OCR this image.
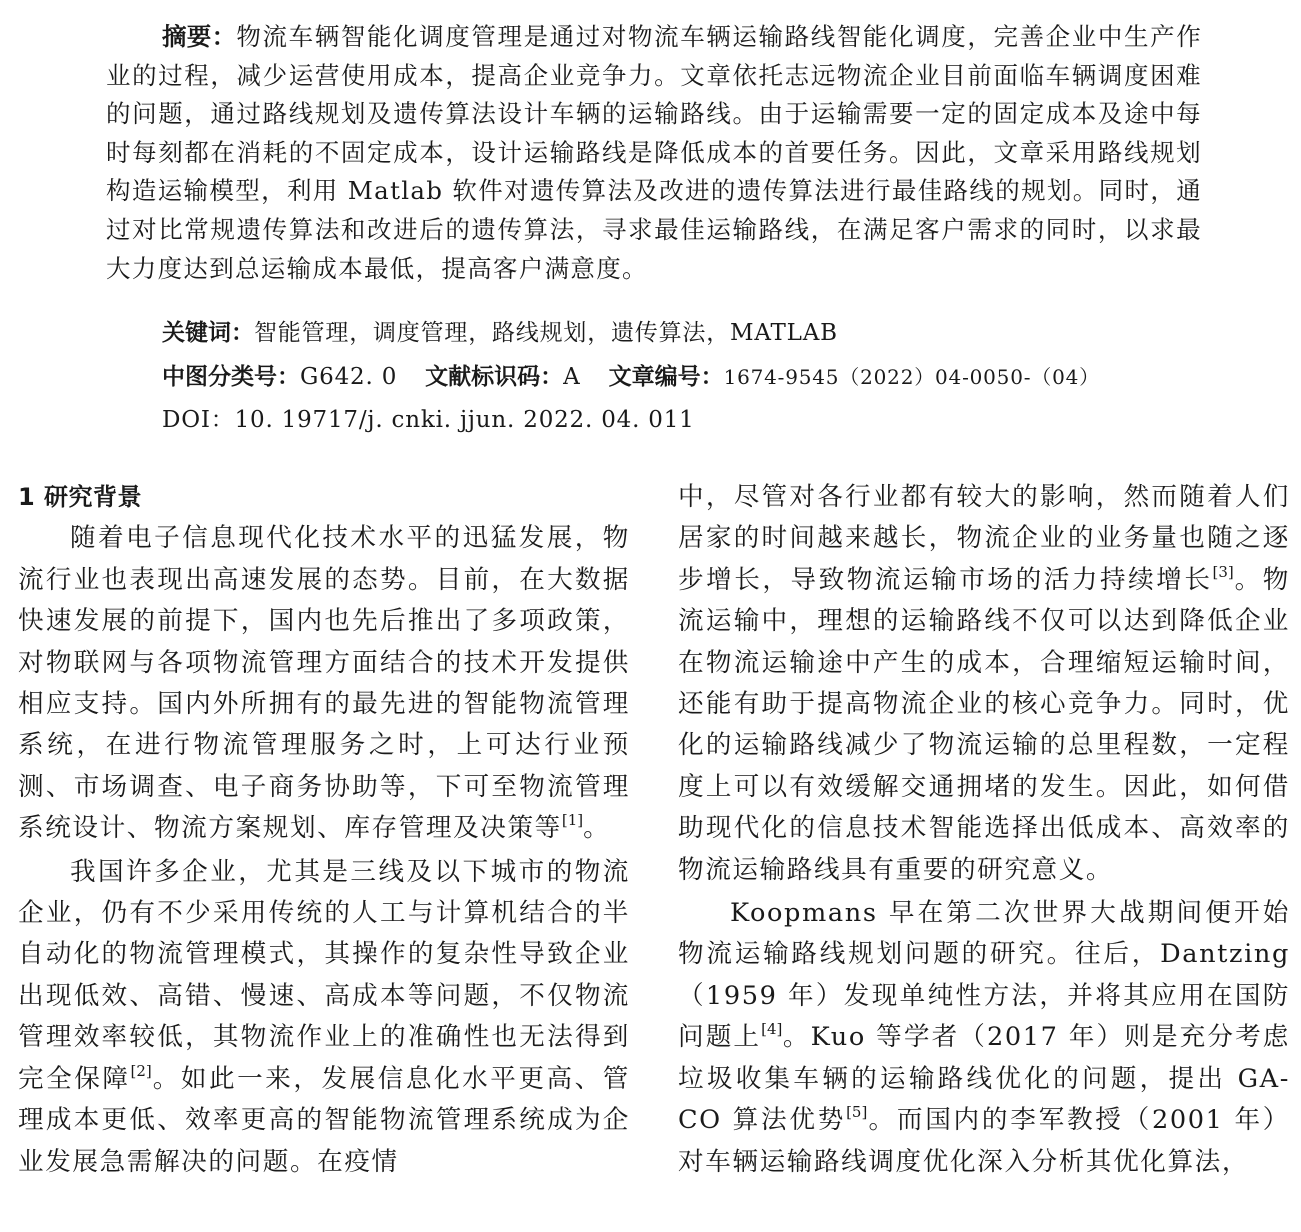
摘要：物流车辆智能化调度管理是通过对物流车辆运输路线智能化调度，完善企业中生产作业的过程，减少运营使用成本，提高企业竞争力。文章依托志远物流企业目前面临车辆调度困难的问题，通过路线规划及遗传算法设计车辆的运输路线。由于运输需要一定的固定成本及途中每时每刻都在消耗的不固定成本，设计运输路线是降低成本的首要任务。因此，文章采用路线规划构造运输模型，利用 Matlab 软件对遗传算法及改进的遗传算法进行最佳路线的规划。同时，通过对比常规遗传算法和改进后的遗传算法，寻求最佳运输路线，在满足客户需求的同时，以求最大力度达到总运输成本最低，提高客户满意度。

关键词：智能管理，调度管理，路线规划，遗传算法，MATLAB
中图分类号：G642. 0 文献标识码：A 文章编号：1674-9545（2022）04-0050-（04）
DOI：10. 19717/j. cnki. jjun. 2022. 04. 011

1 研究背景

随着电子信息现代化技术水平的迅猛发展，物流行业也表现出高速发展的态势。目前，在大数据快速发展的前提下，国内也先后推出了多项政策，对物联网与各项物流管理方面结合的技术开发提供相应支持。国内外所拥有的最先进的智能物流管理系统，在进行物流管理服务之时，上可达行业预测、市场调查、电子商务协助等，下可至物流管理系统设计、物流方案规划、库存管理及决策等[1]。

我国许多企业，尤其是三线及以下城市的物流企业，仍有不少采用传统的人工与计算机结合的半自动化的物流管理模式，其操作的复杂性导致企业出现低效、高错、慢速、高成本等问题，不仅物流管理效率较低，其物流作业上的准确性也无法得到完全保障[2]。如此一来，发展信息化水平更高、管理成本更低、效率更高的智能物流管理系统成为企业发展急需解决的问题。在疫情

中，尽管对各行业都有较大的影响，然而随着人们居家的时间越来越长，物流企业的业务量也随之逐步增长，导致物流运输市场的活力持续增长[3]。物流运输中，理想的运输路线不仅可以达到降低企业在物流运输途中产生的成本，合理缩短运输时间，还能有助于提高物流企业的核心竞争力。同时，优化的运输路线减少了物流运输的总里程数，一定程度上可以有效缓解交通拥堵的发生。因此，如何借助现代化的信息技术智能选择出低成本、高效率的物流运输路线具有重要的研究意义。

Koopmans 早在第二次世界大战期间便开始物流运输路线规划问题的研究。往后，Dantzing（1959 年）发现单纯性方法，并将其应用在国防问题上[4]。Kuo 等学者（2017 年）则是充分考虑垃圾收集车辆的运输路线优化的问题，提出 GA-CO 算法优势[5]。而国内的李军教授（2001 年）对车辆运输路线调度优化深入分析其优化算法，
